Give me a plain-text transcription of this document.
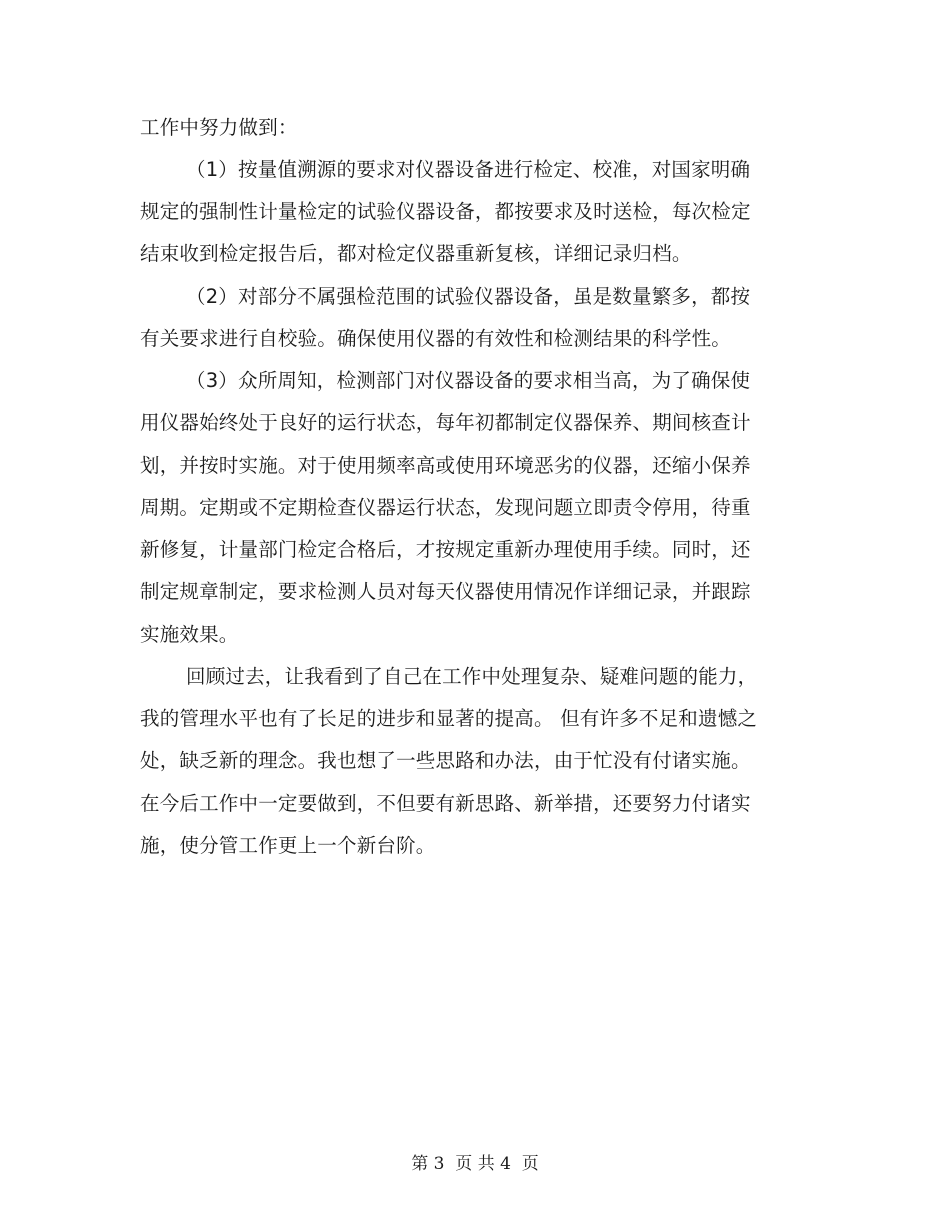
工作中努力做到：
（1）按量值溯源的要求对仪器设备进行检定、校准，对国家明确
规定的强制性计量检定的试验仪器设备，都按要求及时送检，每次检定
结束收到检定报告后，都对检定仪器重新复核，详细记录归档。
（2）对部分不属强检范围的试验仪器设备，虽是数量繁多，都按
有关要求进行自校验。确保使用仪器的有效性和检测结果的科学性。
（3）众所周知，检测部门对仪器设备的要求相当高，为了确保使
用仪器始终处于良好的运行状态，每年初都制定仪器保养、期间核查计
划，并按时实施。对于使用频率高或使用环境恶劣的仪器，还缩小保养
周期。定期或不定期检查仪器运行状态，发现问题立即责令停用，待重
新修复，计量部门检定合格后，才按规定重新办理使用手续。同时，还
制定规章制定，要求检测人员对每天仪器使用情况作详细记录，并跟踪
实施效果。
回顾过去，让我看到了自己在工作中处理复杂、疑难问题的能力，
我的管理水平也有了长足的进步和显著的提高。 但有许多不足和遗憾之
处，缺乏新的理念。我也想了一些思路和办法，由于忙没有付诸实施。
在今后工作中一定要做到，不但要有新思路、新举措，还要努力付诸实
施，使分管工作更上一个新台阶。
第 3  页 共 4  页
